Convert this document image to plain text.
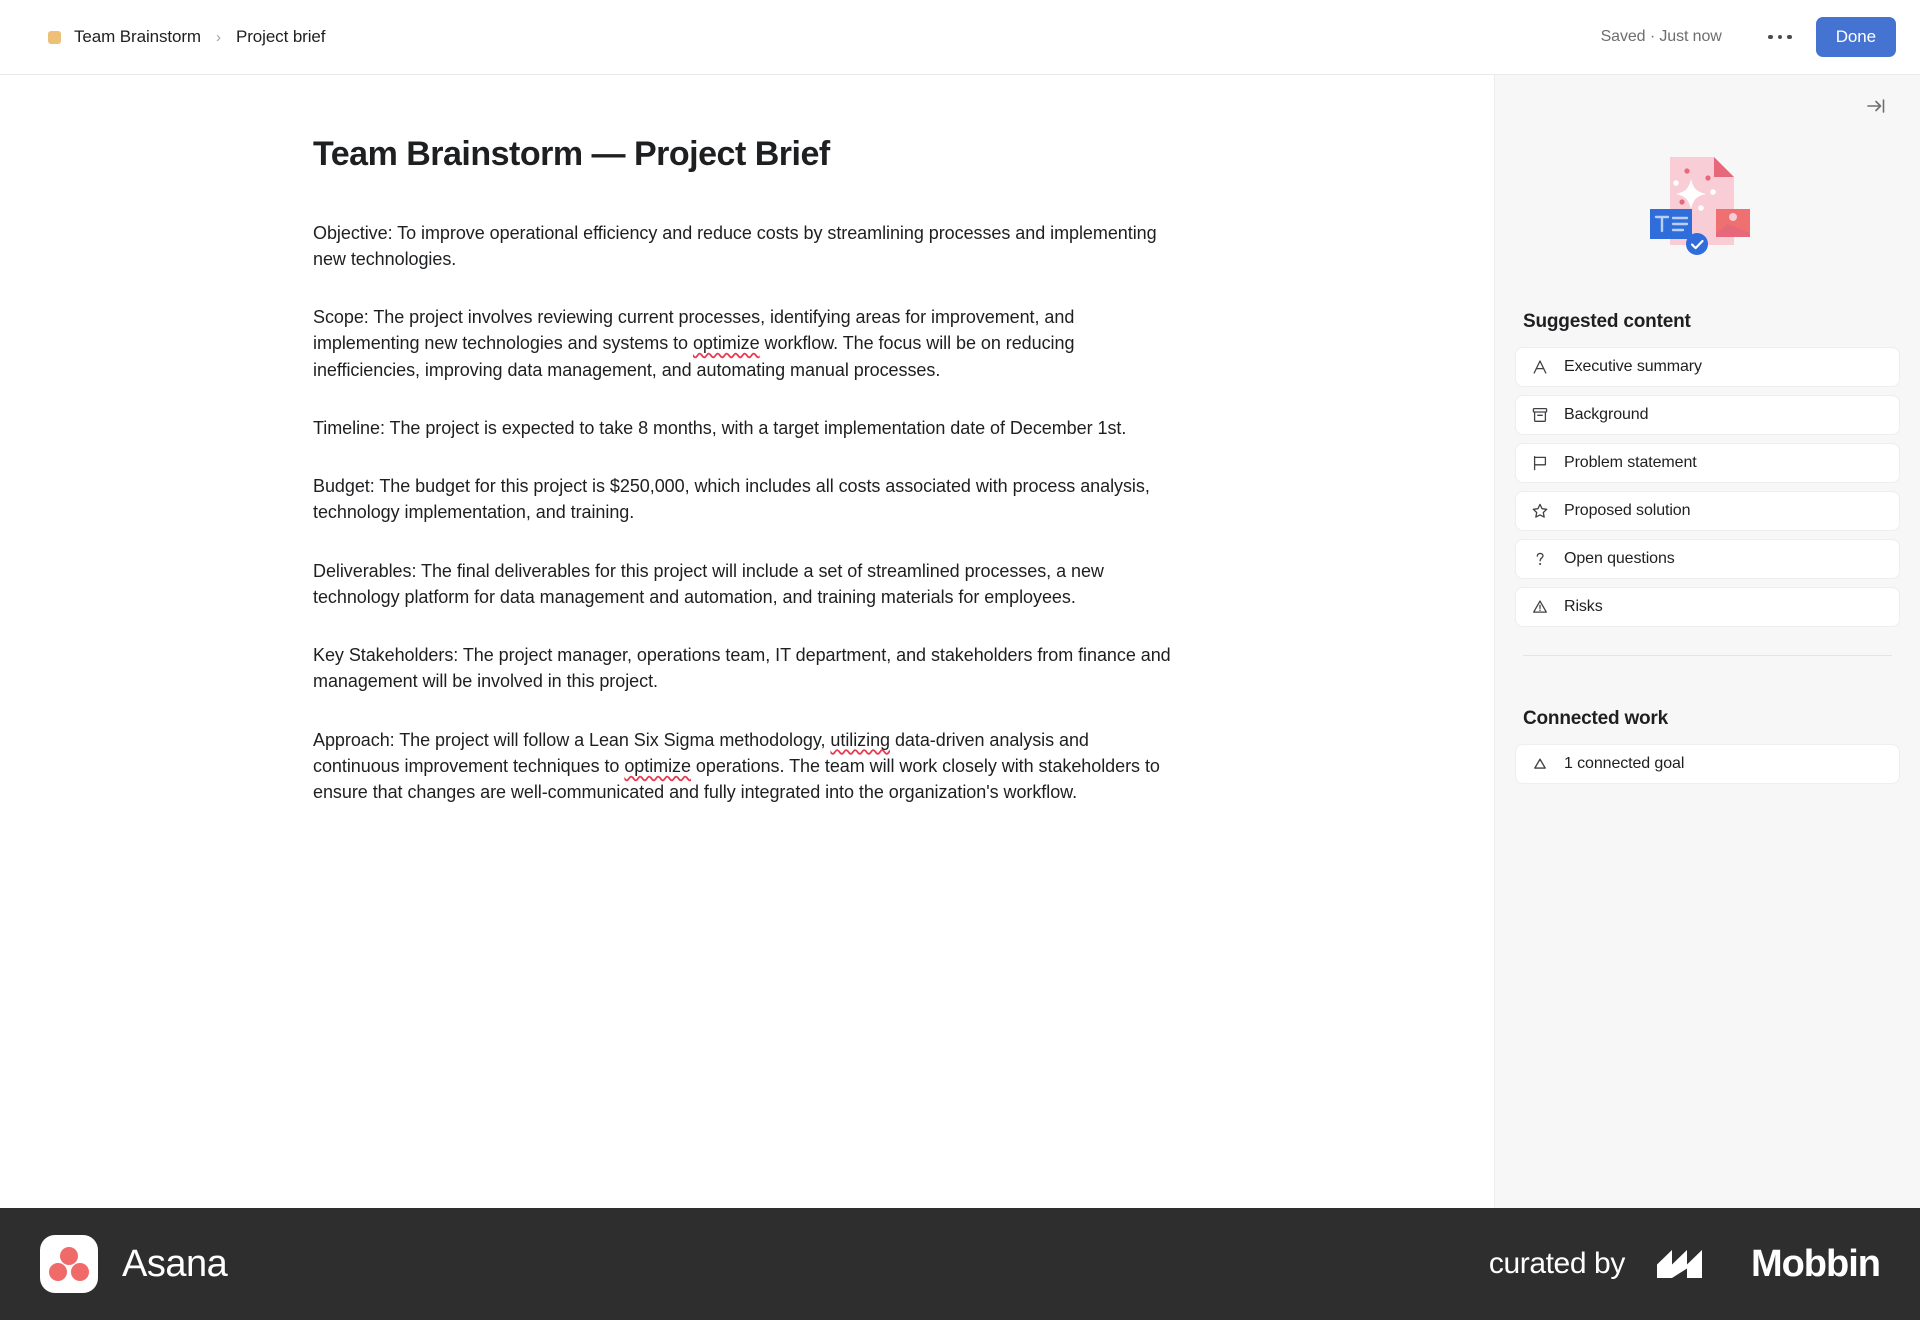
Team Brainstorm › Project brief	Saved · Just now	Done
Team Brainstorm — Project Brief

Objective: To improve operational efficiency and reduce costs by streamlining processes and implementing new technologies.

Scope: The project involves reviewing current processes, identifying areas for improvement, and implementing new technologies and systems to optimize workflow. The focus will be on reducing inefficiencies, improving data management, and automating manual processes.

Timeline: The project is expected to take 8 months, with a target implementation date of December 1st.

Budget: The budget for this project is $250,000, which includes all costs associated with process analysis, technology implementation, and training.

Deliverables: The final deliverables for this project will include a set of streamlined processes, a new technology platform for data management and automation, and training materials for employees.

Key Stakeholders: The project manager, operations team, IT department, and stakeholders from finance and management will be involved in this project.

Approach: The project will follow a Lean Six Sigma methodology, utilizing data-driven analysis and continuous improvement techniques to optimize operations. The team will work closely with stakeholders to ensure that changes are well-communicated and fully integrated into the organization's workflow.

Suggested content
Executive summary
Background
Problem statement
Proposed solution
Open questions
Risks
Connected work
1 connected goal
Asana	curated by	Mobbin
